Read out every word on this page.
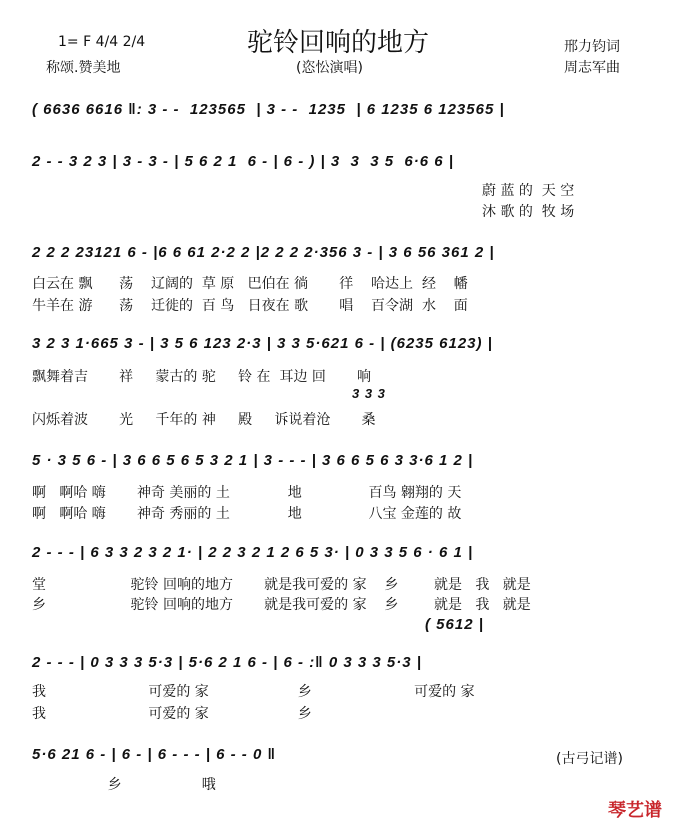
1= F 4/4 2/4
称颂.赞美地
驼铃回响的地方
(恣忪演唱)
邢力钧词
周志军曲
( 6636 6616 ‖: 3 - -  123565  | 3 - -  1235  | 6 1235 6 123565 |
2 - - 3 2 3 | 3 - 3 - | 5 6 2 1  6 - | 6 - ) | 3  3  3 5  6·6 6 |
蔚 蓝 的  天 空
沐 歌 的  牧 场
2 2 2 23121 6 - |6 6 61 2·2 2 |2 2 2 2·356 3 - | 3 6 56 361 2 |
白云在 飘      荡    辽阔的  草 原   巴伯在 徜       徉    哈达上  经    幡
牛羊在 游      荡    迁徙的  百 鸟   日夜在 歌       唱    百令湖  水    面
3 2 3 1·665 3 - | 3 5 6 123 2·3 | 3 3 5·621 6 - | (6235 6123) |
飘舞着吉       祥     蒙古的 驼     铃 在  耳边 回       响
3 3 3
闪烁着波       光     千年的 神     殿     诉说着沧       桑
5 · 3 5 6 - | 3 6 6 5 6 5 3 2 1 | 3 - - - | 3 6 6 5 6 3 3·6 1 2 |
啊   啊哈 嗨       神奇 美丽的 土             地               百鸟 翱翔的 天
啊   啊哈 嗨       神奇 秀丽的 土             地               八宝 金莲的 故
2 - - - | 6 3 3 2 3 2 1· | 2 2 3 2 1 2 6 5 3· | 0 3 3 5 6 · 6 1 |
堂                   驼铃 回响的地方       就是我可爱的 家    乡        就是   我   就是
乡                   驼铃 回响的地方       就是我可爱的 家    乡        就是   我   就是
( 5612 |
2 - - - | 0 3 3 3 5·3 | 5·6 2 1 6 - | 6 - :‖ 0 3 3 3 5·3 |
我                       可爱的 家                    乡                       可爱的 家
我                       可爱的 家                    乡
5·6 21 6 - | 6 - | 6 - - - | 6 - - 0 ‖
乡                  哦
(古弓记谱)
琴艺谱
